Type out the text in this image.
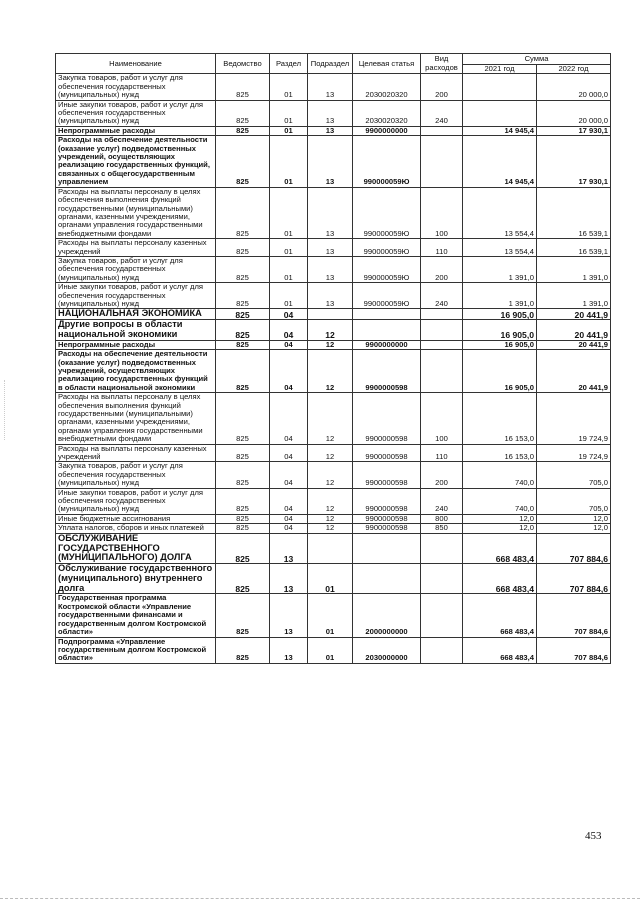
Наименование	Ведомство	Раздел	Подраздел	Целевая статья	Вид расходов	Сумма	
						2021 год	2022 год
Закупка товаров, работ и услуг для обеспечения государственных (муниципальных) нужд	825	01	13	2030020320	200		20 000,0
Иные закупки товаров, работ и услуг для обеспечения государственных (муниципальных) нужд	825	01	13	2030020320	240		20 000,0
Непрограммные расходы	825	01	13	9900000000		14 945,4	17 930,1
Расходы на обеспечение деятельности (оказание услуг) подведомственных учреждений, осуществляющих реализацию государственных функций, связанных с общегосударственным управлением	825	01	13	990000059Ю		14 945,4	17 930,1
Расходы на выплаты персоналу в целях обеспечения выполнения функций государственными (муниципальными) органами, казенными учреждениями, органами управления государственными внебюджетными фондами	825	01	13	990000059Ю	100	13 554,4	16 539,1
Расходы на выплаты персоналу казенных учреждений	825	01	13	990000059Ю	110	13 554,4	16 539,1
Закупка товаров, работ и услуг для обеспечения государственных (муниципальных) нужд	825	01	13	990000059Ю	200	1 391,0	1 391,0
Иные закупки товаров, работ и услуг для обеспечения государственных (муниципальных) нужд	825	01	13	990000059Ю	240	1 391,0	1 391,0
НАЦИОНАЛЬНАЯ ЭКОНОМИКА	825	04				16 905,0	20 441,9
Другие вопросы в области национальной экономики	825	04	12			16 905,0	20 441,9
Непрограммные расходы	825	04	12	9900000000		16 905,0	20 441,9
Расходы на обеспечение деятельности (оказание услуг) подведомственных учреждений, осуществляющих реализацию государственных функций в области национальной экономики	825	04	12	9900000598		16 905,0	20 441,9
Расходы на выплаты персоналу в целях обеспечения выполнения функций государственными (муниципальными) органами, казенными учреждениями, органами управления государственными внебюджетными фондами	825	04	12	9900000598	100	16 153,0	19 724,9
Расходы на выплаты персоналу казенных учреждений	825	04	12	9900000598	110	16 153,0	19 724,9
Закупка товаров, работ и услуг для обеспечения государственных (муниципальных) нужд	825	04	12	9900000598	200	740,0	705,0
Иные закупки товаров, работ и услуг для обеспечения государственных (муниципальных) нужд	825	04	12	9900000598	240	740,0	705,0
Иные бюджетные ассигнования	825	04	12	9900000598	800	12,0	12,0
Уплата налогов, сборов и иных платежей	825	04	12	9900000598	850	12,0	12,0
ОБСЛУЖИВАНИЕ ГОСУДАРСТВЕННОГО (МУНИЦИПАЛЬНОГО) ДОЛГА	825	13				668 483,4	707 884,6
Обслуживание государственного (муниципального) внутреннего долга	825	13	01			668 483,4	707 884,6
Государственная программа Костромской области «Управление государственными финансами и государственным долгом Костромской области»	825	13	01	2000000000		668 483,4	707 884,6
Подпрограмма «Управление государственным долгом Костромской области»	825	13	01	2030000000		668 483,4	707 884,6
453
